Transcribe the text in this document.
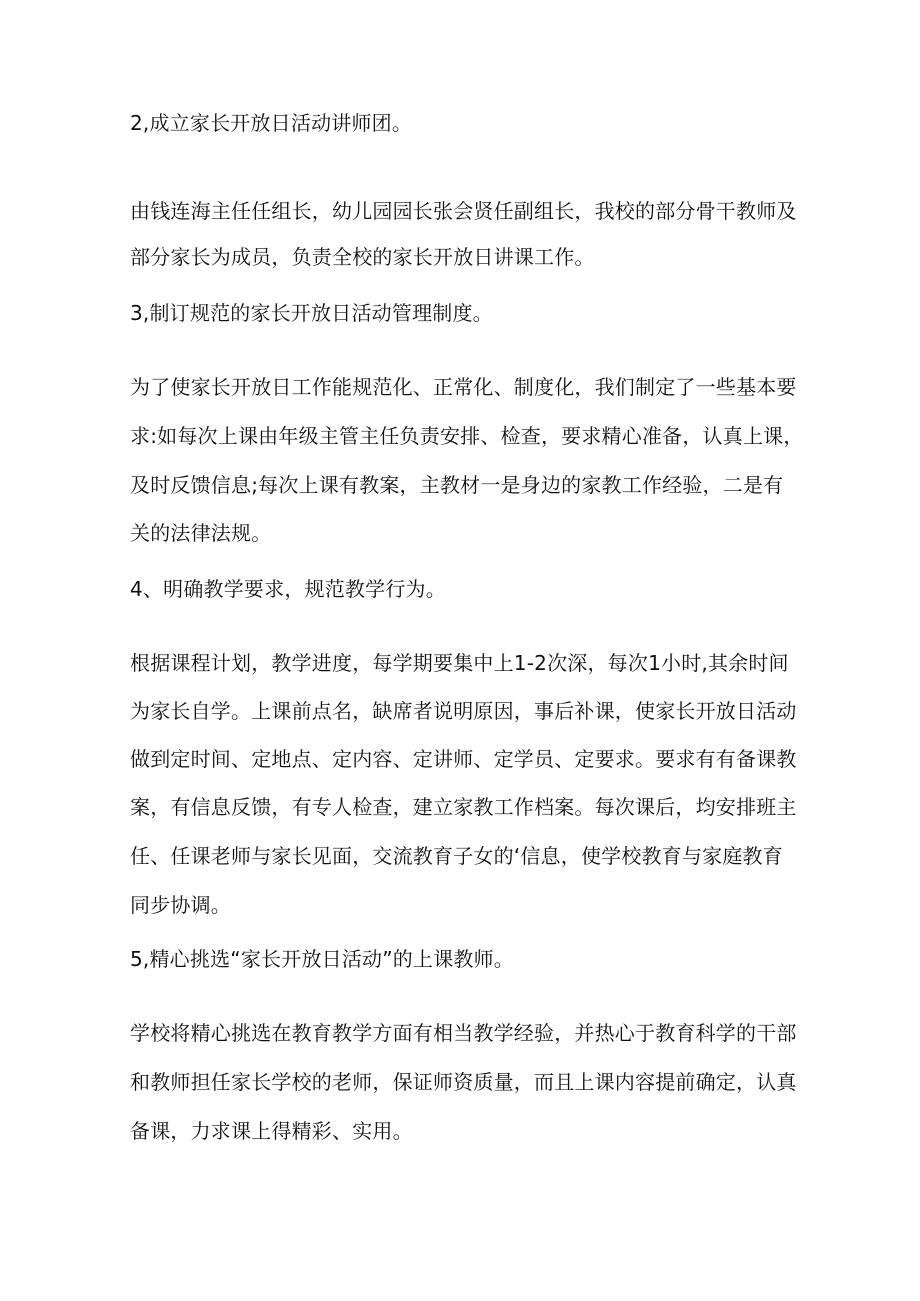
2,成立家长开放日活动讲师团。
由钱连海主任任组长，幼儿园园长张会贤任副组长，我校的部分骨干教师及
部分家长为成员，负责全校的家长开放日讲课工作。
3,制订规范的家长开放日活动管理制度。
为了使家长开放日工作能规范化、正常化、制度化，我们制定了一些基本要
求:如每次上课由年级主管主任负责安排、检查，要求精心准备，认真上课，
及时反馈信息;每次上课有教案，主教材一是身边的家教工作经验，二是有
关的法律法规。
4、明确教学要求，规范教学行为。
根据课程计划，教学进度，每学期要集中上1-2次深，每次1小时,其余时间
为家长自学。上课前点名，缺席者说明原因，事后补课，使家长开放日活动
做到定时间、定地点、定内容、定讲师、定学员、定要求。要求有有备课教
案，有信息反馈，有专人检查，建立家教工作档案。每次课后，均安排班主
任、任课老师与家长见面，交流教育子女的‘信息，使学校教育与家庭教育
同步协调。
5,精心挑选“家长开放日活动”的上课教师。
学校将精心挑选在教育教学方面有相当教学经验，并热心于教育科学的干部
和教师担任家长学校的老师，保证师资质量，而且上课内容提前确定，认真
备课，力求课上得精彩、实用。
